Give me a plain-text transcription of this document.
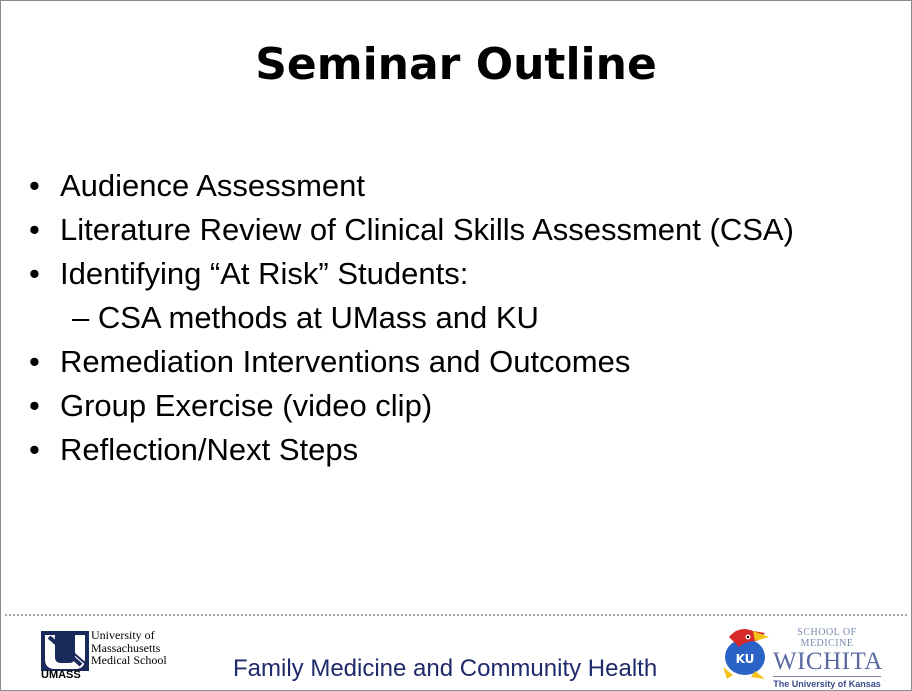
Seminar Outline
• Audience Assessment
• Literature Review of Clinical Skills Assessment (CSA)
• Identifying “At Risk” Students:
– CSA methods at UMass and KU
• Remediation Interventions and Outcomes
• Group Exercise (video clip)
• Reflection/Next Steps
UMASS
University of
Massachusetts
Medical School	Family Medicine and Community Health	KU
SCHOOL OF MEDICINE
WICHITA
The University of Kansas
